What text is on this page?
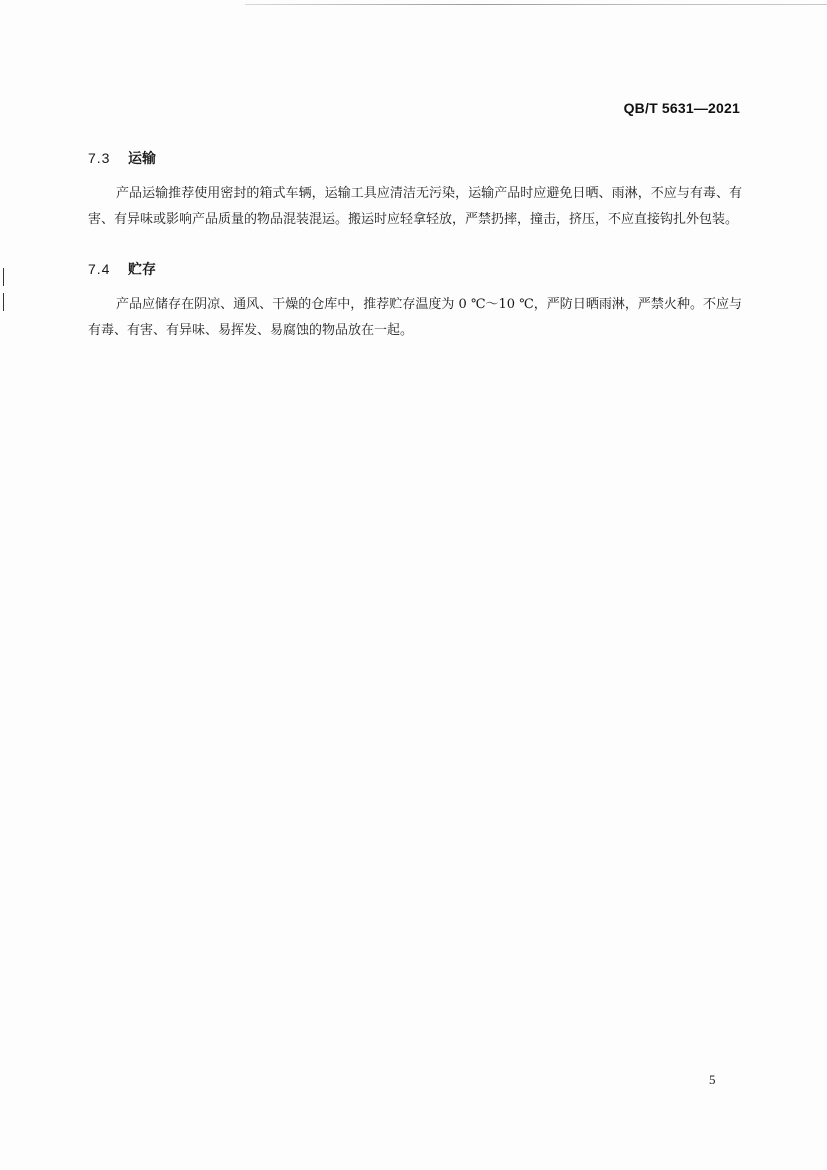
QB/T 5631—2021
7.3	运输

产品运输推荐使用密封的箱式车辆，运输工具应清洁无污染，运输产品时应避免日晒、雨淋，不应与有毒、有害、有异味或影响产品质量的物品混装混运。搬运时应轻拿轻放，严禁扔摔，撞击，挤压，不应直接钩扎外包装。

7.4	贮存

产品应储存在阴凉、通风、干燥的仓库中，推荐贮存温度为 0 ℃～10 ℃，严防日晒雨淋，严禁火种。不应与有毒、有害、有异味、易挥发、易腐蚀的物品放在一起。

5
